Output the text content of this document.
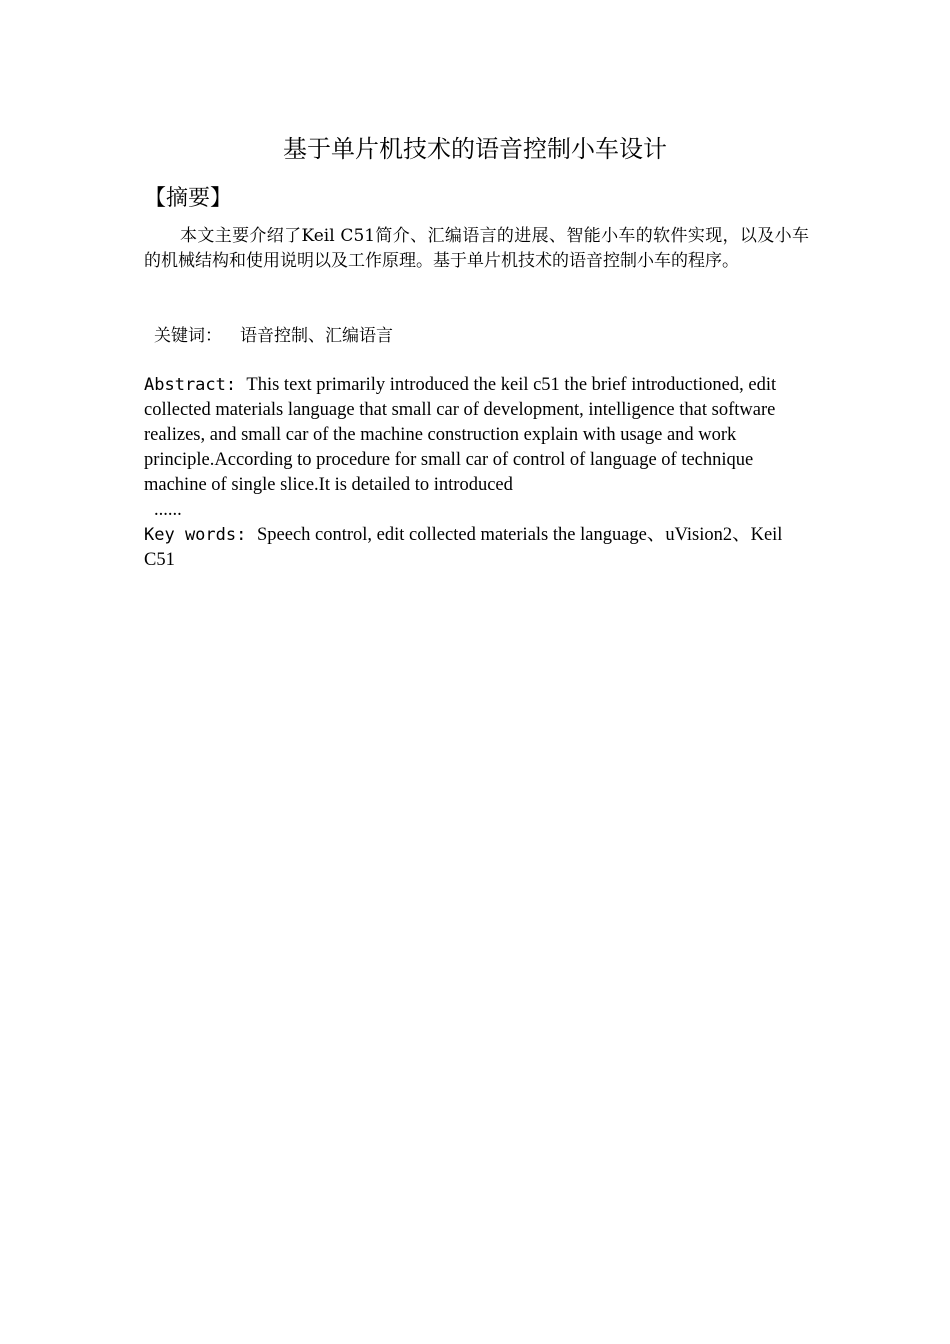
基于单片机技术的语音控制小车设计
【摘要】
本文主要介绍了Keil C51简介、汇编语言的进展、智能小车的软件实现，以及小车的机械结构和使用说明以及工作原理。基于单片机技术的语音控制小车的程序。
关键词： 语音控制、汇编语言
Abstract: This text primarily introduced the keil c51 the brief introductioned, edit collected materials language that small car of development, intelligence that software realizes, and small car of the machine construction explain with usage and work principle.According to procedure for small car of control of language of technique machine of single slice.It is detailed to introduced
......
Key words: Speech control, edit collected materials the language、uVision2、Keil C51
